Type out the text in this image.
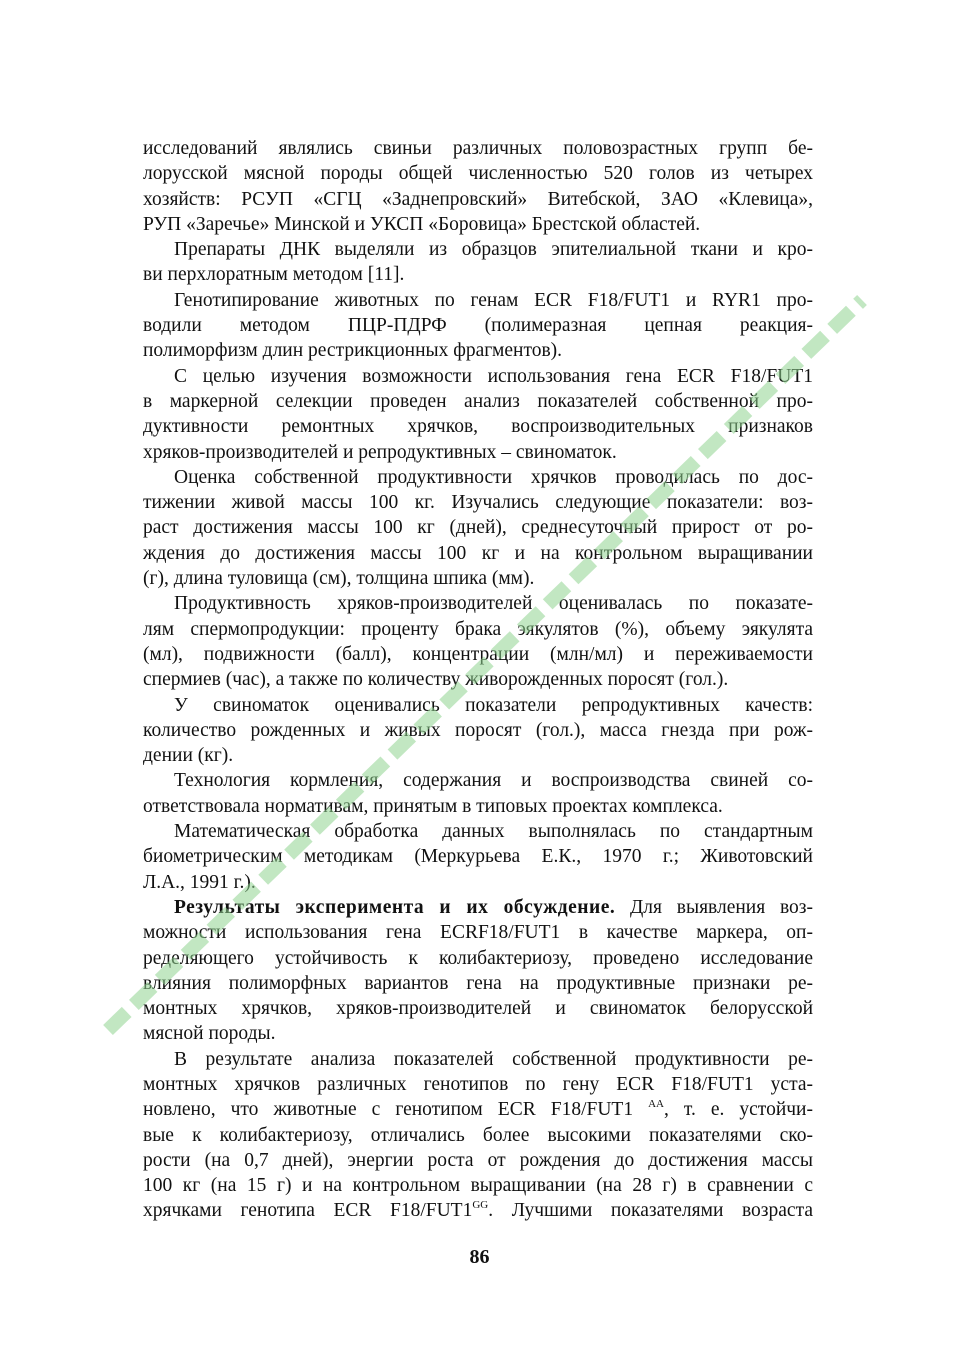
исследований являлись свиньи различных половозрастных групп бе-
лорусской мясной породы общей численностью 520 голов из четырех
хозяйств: РСУП «СГЦ «Заднепровский» Витебской, ЗАО «Клевица»,
РУП «Заречье» Минской и УКСП «Боровица» Брестской областей.
Препараты ДНК выделяли из образцов эпителиальной ткани и кро-
ви перхлоратным методом [11].
Генотипирование животных по генам ECR F18/FUT1 и RYR1 про-
водили методом ПЦР-ПДРФ (полимеразная цепная реакция-
полиморфизм длин рестрикционных фрагментов).
С целью изучения возможности использования гена ECR F18/FUT1
в маркерной селекции проведен анализ показателей собственной про-
дуктивности ремонтных хрячков, воспроизводительных признаков
хряков-производителей и репродуктивных – свиноматок.
Оценка собственной продуктивности хрячков проводилась по дос-
тижении живой массы 100 кг. Изучались следующие показатели: воз-
раст достижения массы 100 кг (дней), среднесуточный прирост от ро-
ждения до достижения массы 100 кг и на контрольном выращивании
(г), длина туловища (см), толщина шпика (мм).
Продуктивность хряков-производителей оценивалась по показате-
лям спермопродукции: проценту брака эякулятов (%), объему эякулята
(мл), подвижности (балл), концентрации (млн/мл) и переживаемости
спермиев (час), а также по количеству живорожденных поросят (гол.).
У свиноматок оценивались показатели репродуктивных качеств:
количество рожденных и живых поросят (гол.), масса гнезда при рож-
дении (кг).
Технология кормления, содержания и воспроизводства свиней со-
ответствовала нормативам, принятым в типовых проектах комплекса.
Математическая обработка данных выполнялась по стандартным
биометрическим методикам (Меркурьева Е.К., 1970 г.; Животовский
Л.А., 1991 г.).
Результаты эксперимента и их обсуждение. Для выявления воз-
можности использования гена ECRF18/FUT1 в качестве маркера, оп-
ределяющего устойчивость к колибактериозу, проведено исследование
влияния полиморфных вариантов гена на продуктивные признаки ре-
монтных хрячков, хряков-производителей и свиноматок белорусской
мясной породы.
В результате анализа показателей собственной продуктивности ре-
монтных хрячков различных генотипов по гену ECR F18/FUT1 уста-
новлено, что животные с генотипом ECR F18/FUT1 $^{AA}$, т. е. устойчи-
вые к колибактериозу, отличались более высокими показателями ско-
рости (на 0,7 дней), энергии роста от рождения до достижения массы
100 кг (на 15 г) и на контрольном выращивании (на 28 г) в сравнении с
хрячками генотипа ECR $F18/FUT1^{GG}$. Лучшими показателями возраста
86
